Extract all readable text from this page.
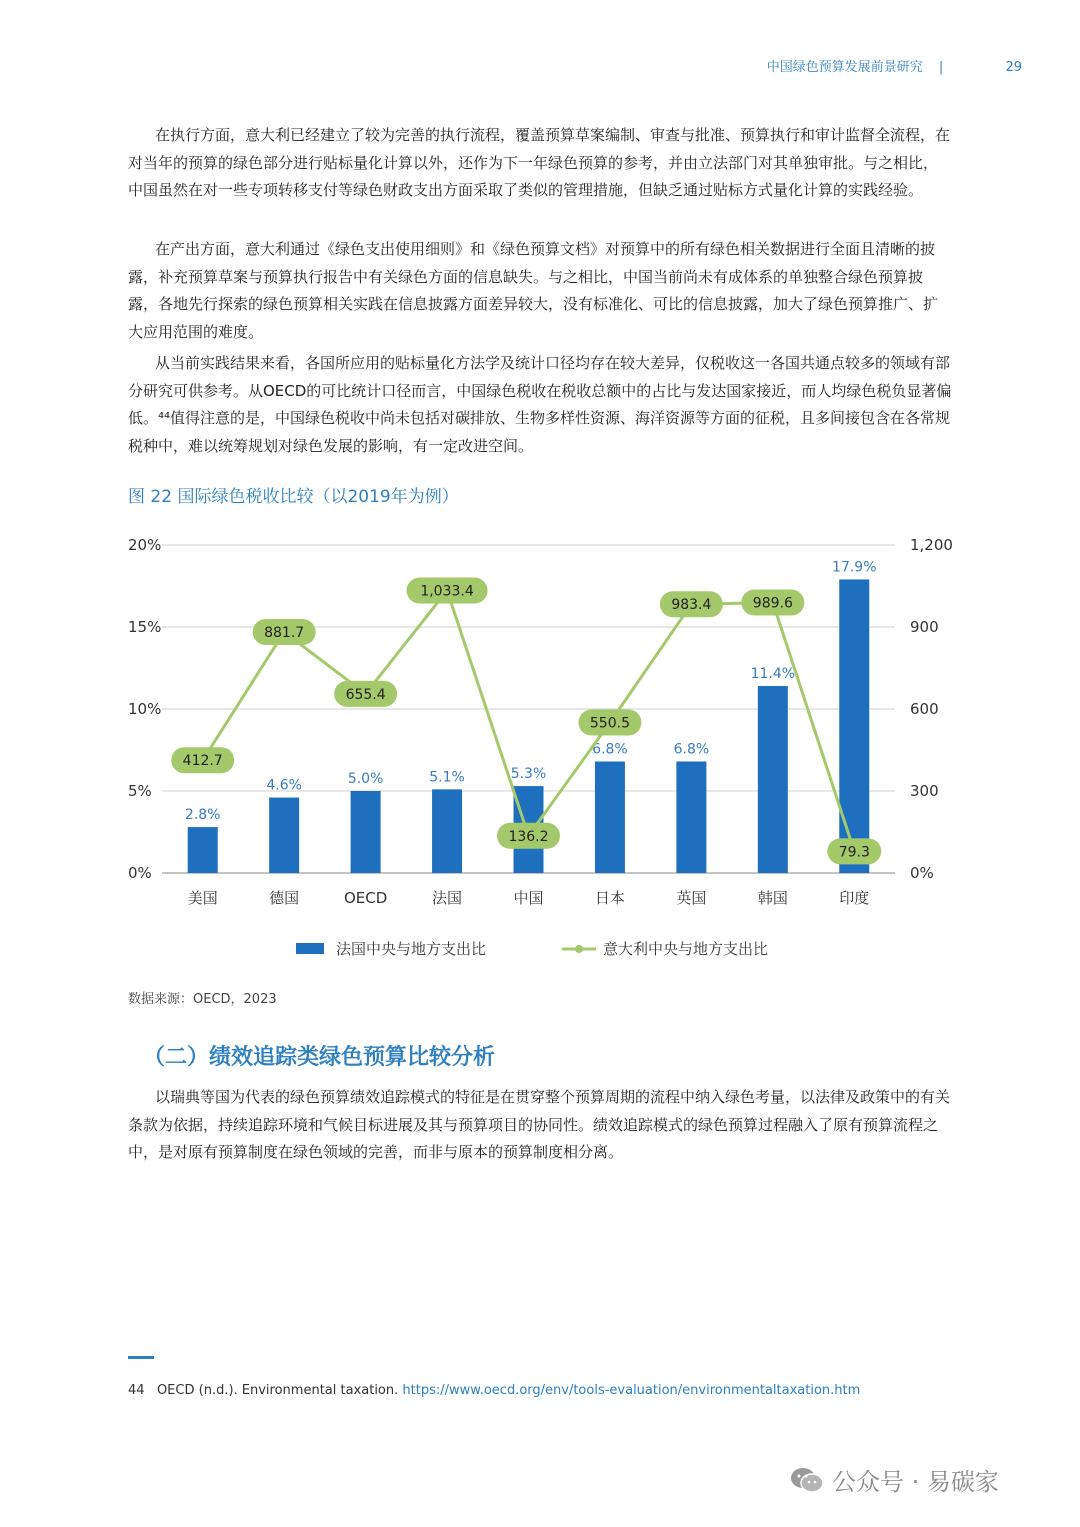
中国绿色预算发展前景研究 |	29

在执行方面，意大利已经建立了较为完善的执行流程，覆盖预算草案编制、审查与批准、预算执行和审计监督全流程，在对当年的预算的绿色部分进行贴标量化计算以外，还作为下一年绿色预算的参考，并由立法部门对其单独审批。与之相比，中国虽然在对一些专项转移支付等绿色财政支出方面采取了类似的管理措施，但缺乏通过贴标方式量化计算的实践经验。

在产出方面，意大利通过《绿色支出使用细则》和《绿色预算文档》对预算中的所有绿色相关数据进行全面且清晰的披露，补充预算草案与预算执行报告中有关绿色方面的信息缺失。与之相比，中国当前尚未有成体系的单独整合绿色预算披露，各地先行探索的绿色预算相关实践在信息披露方面差异较大，没有标准化、可比的信息披露，加大了绿色预算推广、扩大应用范围的难度。

从当前实践结果来看，各国所应用的贴标量化方法学及统计口径均存在较大差异，仅税收这一各国共通点较多的领域有部分研究可供参考。从OECD的可比统计口径而言，中国绿色税收在税收总额中的占比与发达国家接近，而人均绿色税负显著偏低。⁴⁴值得注意的是，中国绿色税收中尚未包括对碳排放、生物多样性资源、海洋资源等方面的征税，且多间接包含在各常规税种中，难以统筹规划对绿色发展的影响，有一定改进空间。

图 22 国际绿色税收比较（以2019年为例）
0%
5%
10%
15%
20%
0%
300
600
900
1,200
2.8%
4.6%	5.0%	5.1%	5.3%
6.8%	6.8%
11.4%
17.9%
412.7
881.7
655.4
1,033.4
136.2
550.5
983.4	989.6
79.3
美国	德国	OECD	法国	中国	日本	英国	韩国	印度
法国中央与地方支出比	意大利中央与地方支出比
数据来源：OECD，2023
（二）绩效追踪类绿色预算比较分析

以瑞典等国为代表的绿色预算绩效追踪模式的特征是在贯穿整个预算周期的流程中纳入绿色考量，以法律及政策中的有关条款为依据，持续追踪环境和气候目标进展及其与预算项目的协同性。绩效追踪模式的绿色预算过程融入了原有预算流程之中，是对原有预算制度在绿色领域的完善，而非与原本的预算制度相分离。

44 OECD (n.d.). Environmental taxation. https://www.oecd.org/env/tools-evaluation/environmentaltaxation.htm
公众号 · 易碳家
